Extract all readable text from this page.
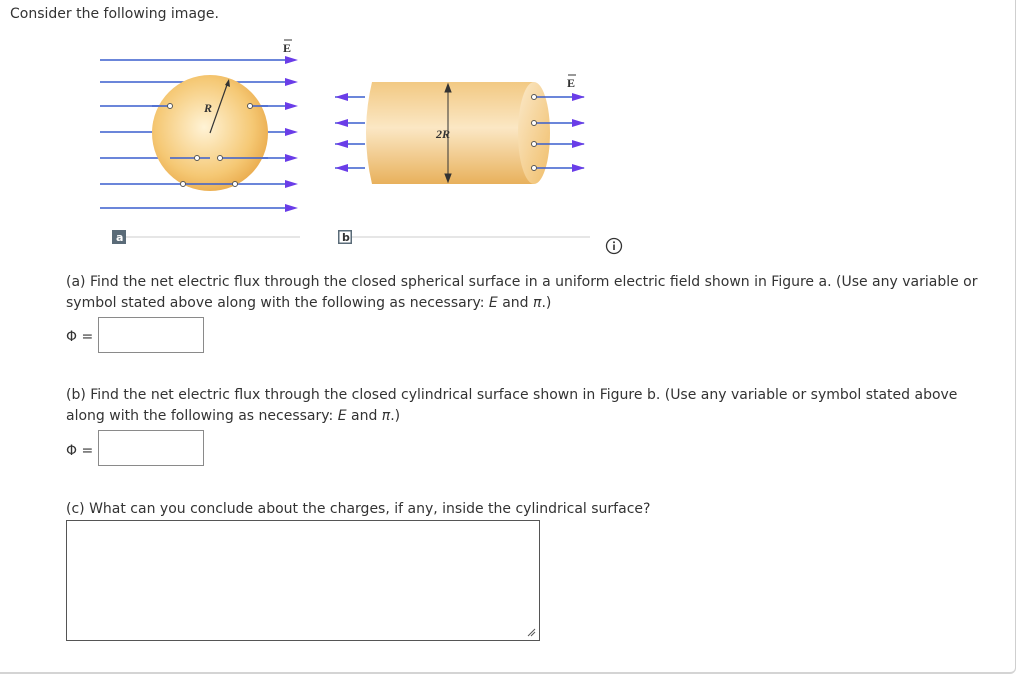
Consider the following image.
R
E
2R
E
a	b
(a) Find the net electric flux through the closed spherical surface in a uniform electric field shown in Figure a. (Use any variable or
symbol stated above along with the following as necessary: E and π.)
Φ =
(b) Find the net electric flux through the closed cylindrical surface shown in Figure b. (Use any variable or symbol stated above
along with the following as necessary: E and π.)
Φ =
(c) What can you conclude about the charges, if any, inside the cylindrical surface?
